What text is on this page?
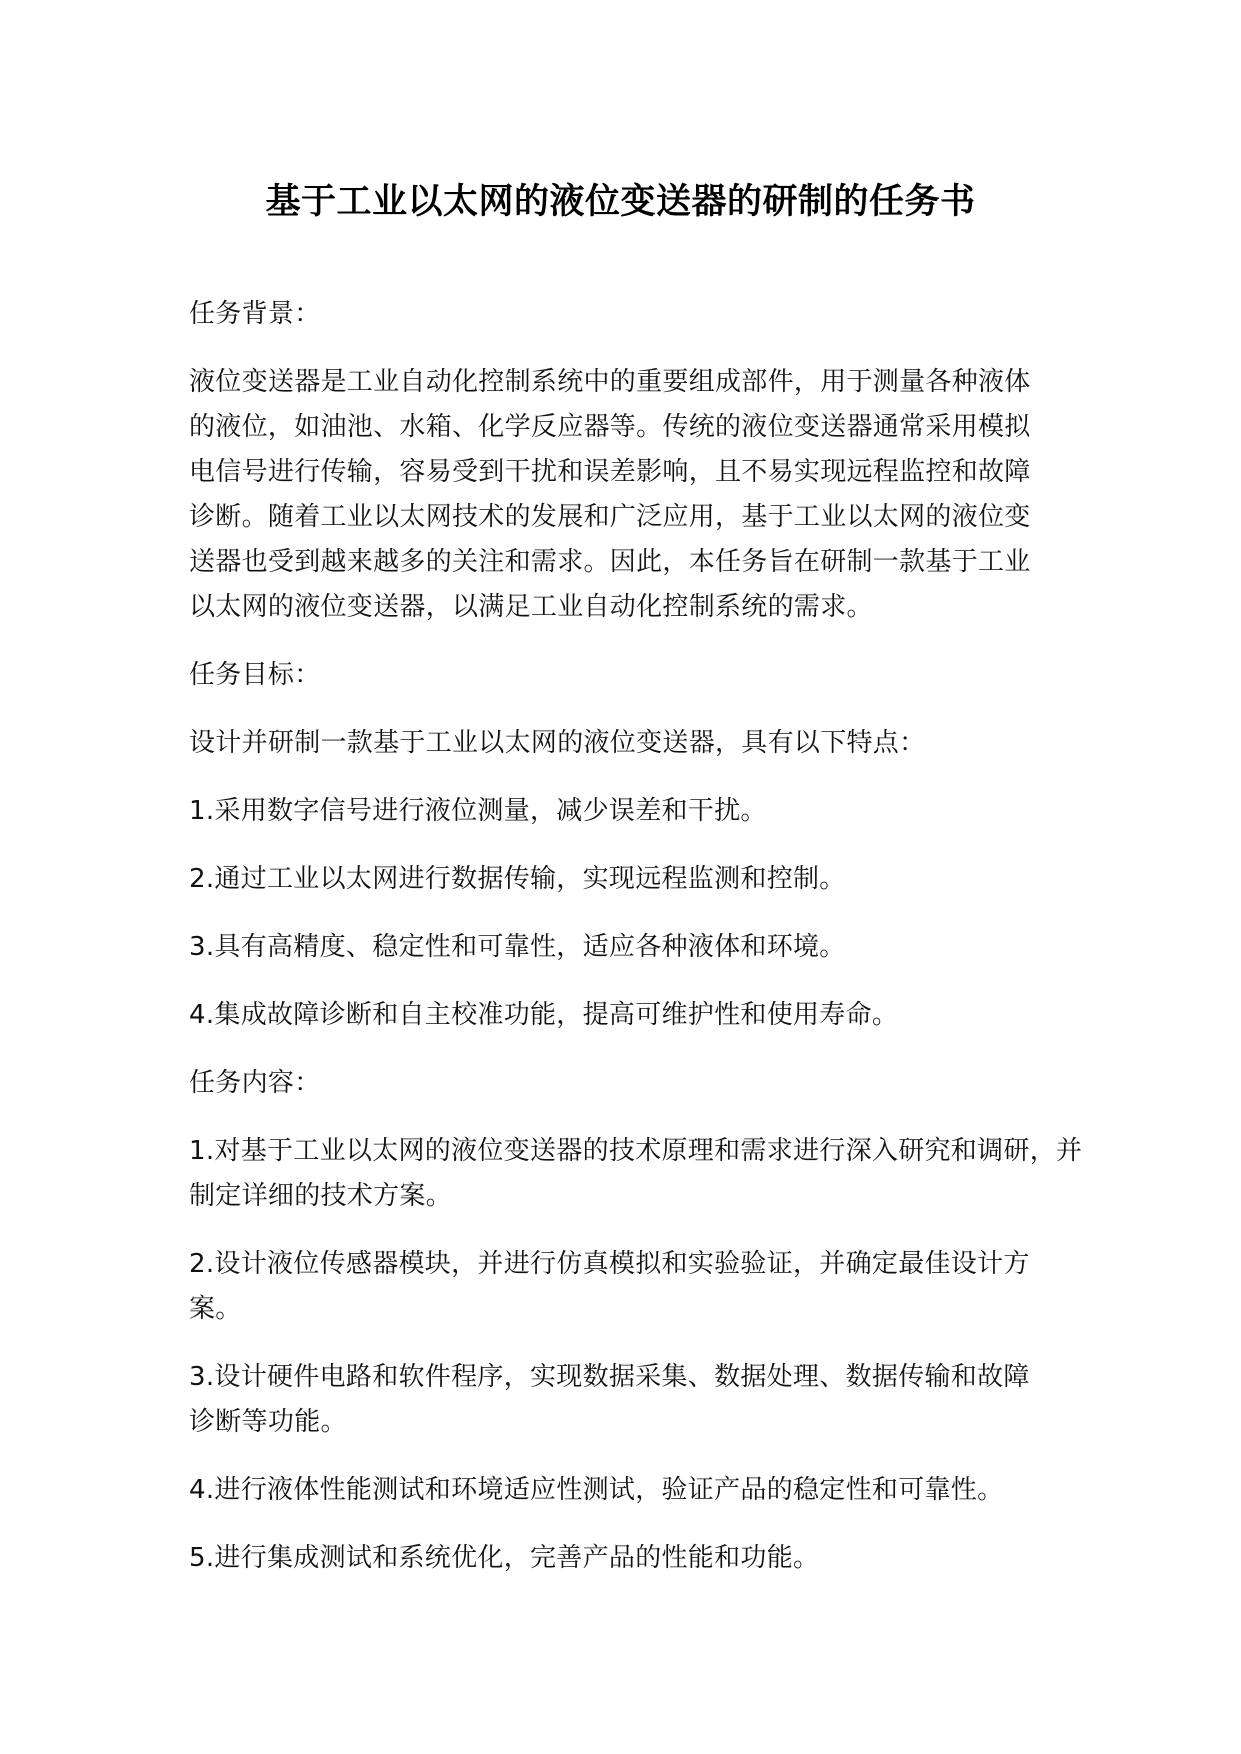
基于工业以太网的液位变送器的研制的任务书

任务背景：

液位变送器是工业自动化控制系统中的重要组成部件，用于测量各种液体的液位，如油池、水箱、化学反应器等。传统的液位变送器通常采用模拟电信号进行传输，容易受到干扰和误差影响，且不易实现远程监控和故障诊断。随着工业以太网技术的发展和广泛应用，基于工业以太网的液位变送器也受到越来越多的关注和需求。因此，本任务旨在研制一款基于工业以太网的液位变送器，以满足工业自动化控制系统的需求。

任务目标：

设计并研制一款基于工业以太网的液位变送器，具有以下特点：

1.采用数字信号进行液位测量，减少误差和干扰。

2.通过工业以太网进行数据传输，实现远程监测和控制。

3.具有高精度、稳定性和可靠性，适应各种液体和环境。

4.集成故障诊断和自主校准功能，提高可维护性和使用寿命。

任务内容：

1.对基于工业以太网的液位变送器的技术原理和需求进行深入研究和调研，并制定详细的技术方案。

2.设计液位传感器模块，并进行仿真模拟和实验验证，并确定最佳设计方案。

3.设计硬件电路和软件程序，实现数据采集、数据处理、数据传输和故障诊断等功能。

4.进行液体性能测试和环境适应性测试，验证产品的稳定性和可靠性。

5.进行集成测试和系统优化，完善产品的性能和功能。
